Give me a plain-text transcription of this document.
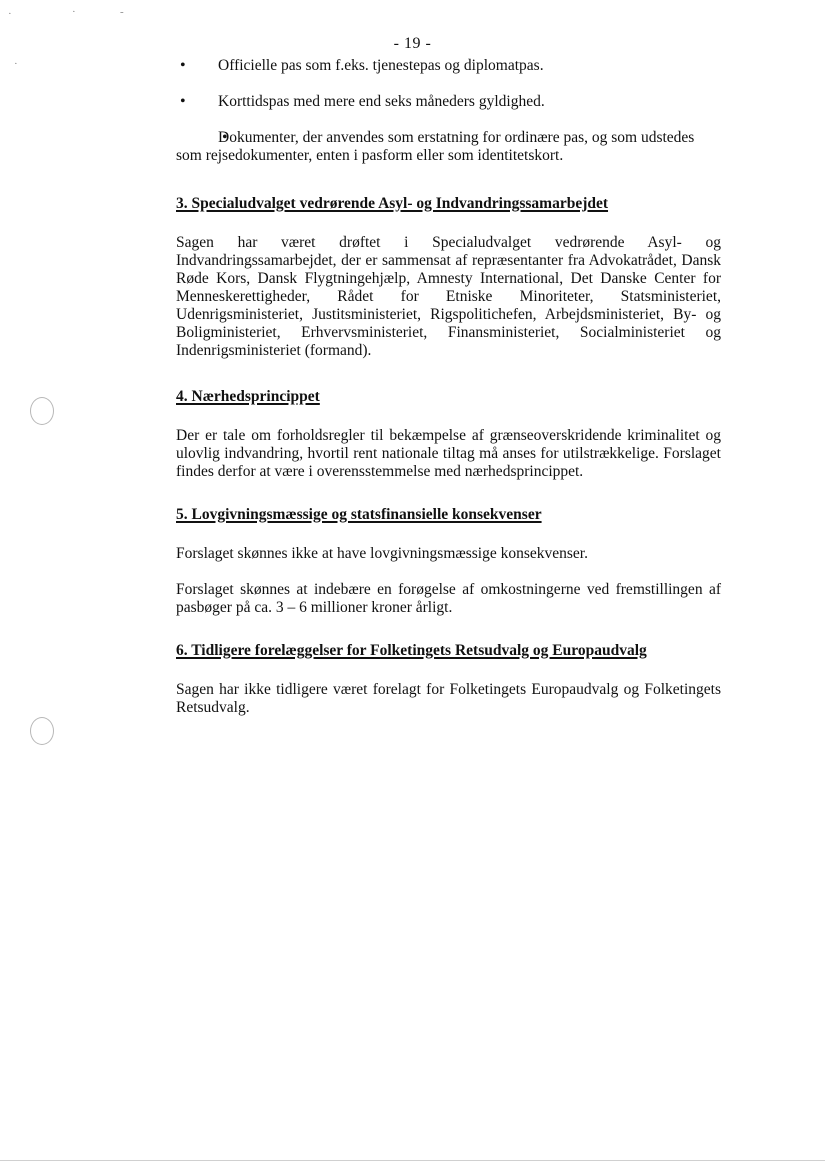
·	·	-
·
- 19 -
• Officielle pas som f.eks. tjenestepas og diplomatpas.
• Korttidspas med mere end seks måneders gyldighed.
• Dokumenter, der anvendes som erstatning for ordinære pas, og som udstedes som rejsedokumenter, enten i pasform eller som identitetskort.
3. Specialudvalget vedrørende Asyl- og Indvandringssamarbejdet

Sagen har været drøftet i Specialudvalget vedrørende Asyl- og Indvandringssamarbejdet, der er sammensat af repræsentanter fra Advokatrådet, Dansk Røde Kors, Dansk Flygtningehjælp, Amnesty International, Det Danske Center for Menneskerettigheder, Rådet for Etniske Minoriteter, Statsministeriet, Udenrigsministeriet, Justitsministeriet, Rigspolitichefen, Arbejdsministeriet, By- og Boligministeriet, Erhvervsministeriet, Finansministeriet, Socialministeriet og Indenrigsministeriet (formand).

4. Nærhedsprincippet

Der er tale om forholdsregler til bekæmpelse af grænseoverskridende kriminalitet og ulovlig indvandring, hvortil rent nationale tiltag må anses for utilstrækkelige. Forslaget findes derfor at være i overensstemmelse med nærhedsprincippet.

5. Lovgivningsmæssige og statsfinansielle konsekvenser

Forslaget skønnes ikke at have lovgivningsmæssige konsekvenser.

Forslaget skønnes at indebære en forøgelse af omkostningerne ved fremstillingen af pasbøger på ca. 3 – 6 millioner kroner årligt.

6. Tidligere forelæggelser for Folketingets Retsudvalg og Europaudvalg

Sagen har ikke tidligere været forelagt for Folketingets Europaudvalg og Folketingets Retsudvalg.
